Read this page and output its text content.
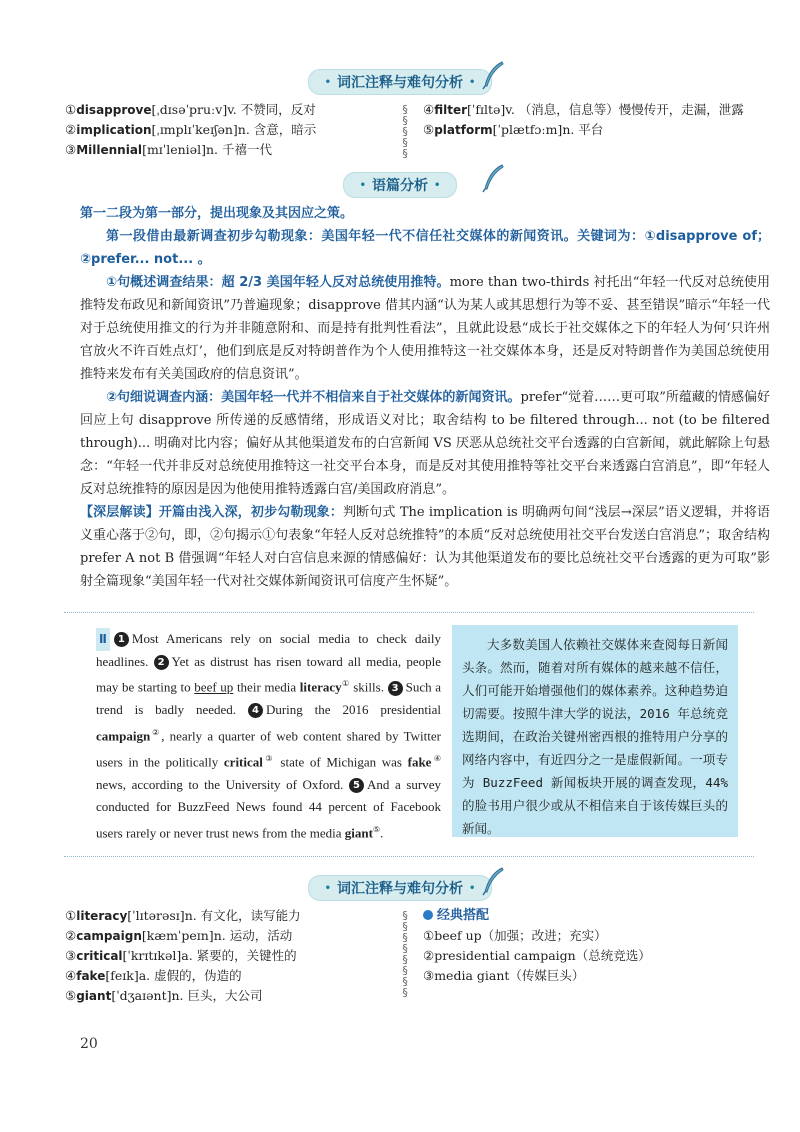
• 词汇注释与难句分析 •
①disapprove[ˌdɪsəˈpruːv]v. 不赞同，反对
②implication[ˌɪmplɪˈkeɪʃən]n. 含意，暗示
③Millennial[mɪˈleniəl]n. 千禧一代
§
§
§
§
§
④filter[ˈfɪltə]v. （消息，信息等）慢慢传开，走漏，泄露
⑤platform[ˈplætfɔːm]n. 平台
• 语篇分析 •

第一二段为第一部分，提出现象及其因应之策。

第一段借由最新调查初步勾勒现象：美国年轻一代不信任社交媒体的新闻资讯。关键词为：①disapprove of；②prefer... not... 。

①句概述调查结果：超 2/3 美国年轻人反对总统使用推特。more than two-thirds 衬托出“年轻一代反对总统使用推特发布政见和新闻资讯”乃普遍现象；disapprove 借其内涵“认为某人或其思想行为等不妥、甚至错误”暗示“年轻一代对于总统使用推文的行为并非随意附和、而是持有批判性看法”，且就此设悬“成长于社交媒体之下的年轻人为何‘只许州官放火不许百姓点灯’，他们到底是反对特朗普作为个人使用推特这一社交媒体本身，还是反对特朗普作为美国总统使用推特来发布有关美国政府的信息资讯”。

②句细说调查内涵：美国年轻一代并不相信来自于社交媒体的新闻资讯。prefer“觉着……更可取”所蕴藏的情感偏好回应上句 disapprove 所传递的反感情绪，形成语义对比；取舍结构 to be filtered through... not (to be filtered through)... 明确对比内容；偏好从其他渠道发布的白宫新闻 VS 厌恶从总统社交平台透露的白宫新闻，就此解除上句悬念：“年轻一代并非反对总统使用推特这一社交平台本身，而是反对其使用推特等社交平台来透露白宫消息”，即“年轻人反对总统推特的原因是因为他使用推特透露白宫/美国政府消息”。

【深层解读】开篇由浅入深，初步勾勒现象：判断句式 The implication is 明确两句间“浅层→深层”语义逻辑，并将语义重心落于②句，即，②句揭示①句表象“年轻人反对总统推特”的本质“反对总统使用社交平台发送白宫消息”；取舍结构 prefer A not B 借强调“年轻人对白宫信息来源的情感偏好：认为其他渠道发布的要比总统社交平台透露的更为可取”影射全篇现象“美国年轻一代对社交媒体新闻资讯可信度产生怀疑”。

Ⅱ 1 Most Americans rely on social media to check daily headlines. 2 Yet as distrust has risen toward all media, people may be starting to beef up their media literacy① skills. 3 Such a trend is badly needed. 4 During the 2016 presidential campaign②, nearly a quarter of web content shared by Twitter users in the politically critical③ state of Michigan was fake④ news, according to the University of Oxford. 5 And a survey conducted for BuzzFeed News found 44 percent of Facebook users rarely or never trust news from the media giant⑤.
大多数美国人依赖社交媒体来查阅每日新闻头条。然而，随着对所有媒体的越来越不信任，人们可能开始增强他们的媒体素养。这种趋势迫切需要。按照牛津大学的说法，2016 年总统竞选期间，在政治关键州密西根的推特用户分享的网络内容中，有近四分之一是虚假新闻。一项专为 BuzzFeed 新闻板块开展的调查发现，44% 的脸书用户很少或从不相信来自于该传媒巨头的新闻。
• 词汇注释与难句分析 •
①literacy[ˈlɪtərəsɪ]n. 有文化，读写能力
②campaign[kæmˈpeɪn]n. 运动，活动
③critical[ˈkrɪtɪkəl]a. 紧要的，关键性的
④fake[feɪk]a. 虚假的，伪造的
⑤giant[ˈdʒaɪənt]n. 巨头，大公司
§
§
§
§
§
§
§
§
经典搭配
①beef up（加强；改进；充实）
②presidential campaign（总统竞选）
③media giant（传媒巨头）
20
